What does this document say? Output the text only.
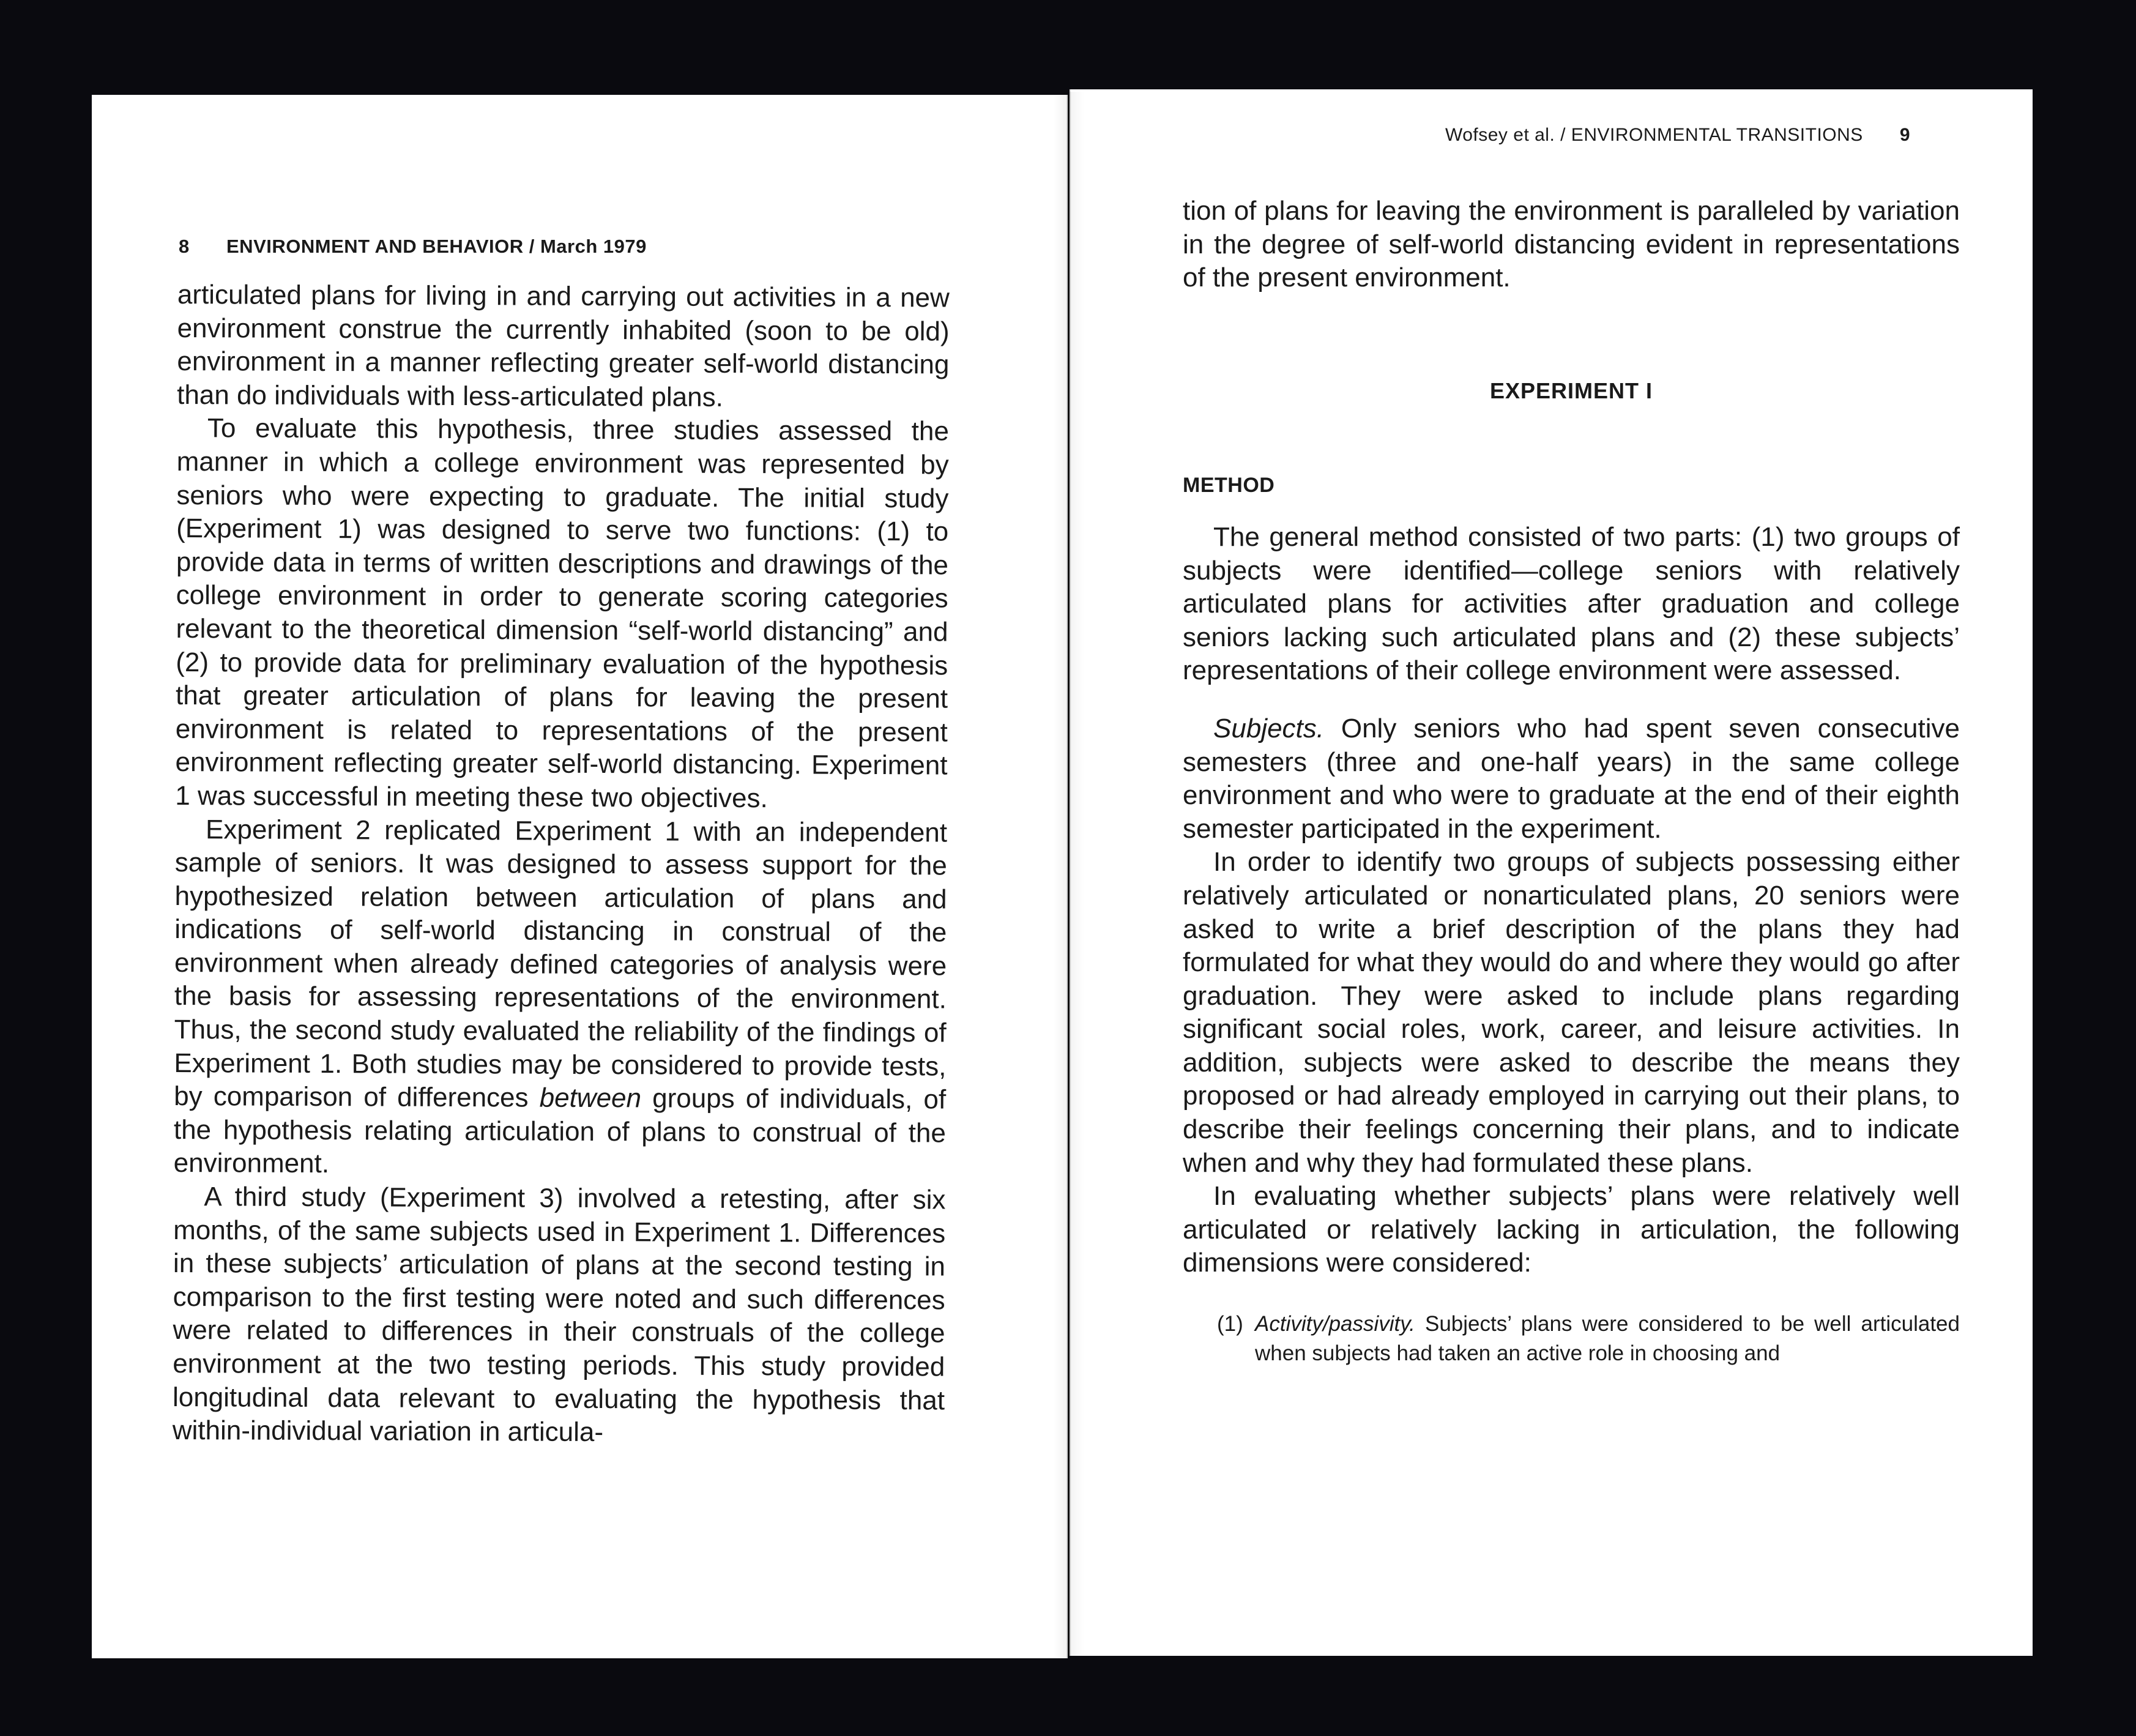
8 ENVIRONMENT AND BEHAVIOR / March 1979

articulated plans for living in and carrying out activities in a new environment construe the currently inhabited (soon to be old) environment in a manner reflecting greater self-world distancing than do individuals with less-articulated plans.

To evaluate this hypothesis, three studies assessed the manner in which a college environment was represented by seniors who were expecting to graduate. The initial study (Experiment 1) was designed to serve two functions: (1) to provide data in terms of written descriptions and drawings of the college environment in order to generate scoring categories relevant to the theoretical dimension “self-world distancing” and (2) to provide data for preliminary evaluation of the hypothesis that greater articulation of plans for leaving the present environment is related to representations of the present environment reflecting greater self-world distancing. Experiment 1 was successful in meeting these two objectives.

Experiment 2 replicated Experiment 1 with an independent sample of seniors. It was designed to assess support for the hypothesized relation between articulation of plans and indications of self-world distancing in construal of the environment when already defined categories of analysis were the basis for assessing representations of the environment. Thus, the second study evaluated the reliability of the findings of Experiment 1. Both studies may be considered to provide tests, by comparison of differences between groups of individuals, of the hypothesis relating articulation of plans to construal of the environment.

A third study (Experiment 3) involved a retesting, after six months, of the same subjects used in Experiment 1. Differences in these subjects’ articulation of plans at the second testing in comparison to the first testing were noted and such differences were related to differences in their construals of the college environment at the two testing periods. This study provided longitudinal data relevant to evaluating the hypothesis that within-individual variation in articula-

Wofsey et al. / ENVIRONMENTAL TRANSITIONS 9

tion of plans for leaving the environment is paralleled by variation in the degree of self-world distancing evident in representations of the present environment.

EXPERIMENT I

METHOD

The general method consisted of two parts: (1) two groups of subjects were identified—college seniors with relatively articulated plans for activities after graduation and college seniors lacking such articulated plans and (2) these subjects’ representations of their college environment were assessed.

Subjects. Only seniors who had spent seven consecutive semesters (three and one-half years) in the same college environment and who were to graduate at the end of their eighth semester participated in the experiment.

In order to identify two groups of subjects possessing either relatively articulated or nonarticulated plans, 20 seniors were asked to write a brief description of the plans they had formulated for what they would do and where they would go after graduation. They were asked to include plans regarding significant social roles, work, career, and leisure activities. In addition, subjects were asked to describe the means they proposed or had already employed in carrying out their plans, to describe their feelings concerning their plans, and to indicate when and why they had formulated these plans.

In evaluating whether subjects’ plans were relatively well articulated or relatively lacking in articulation, the following dimensions were considered:

(1) Activity/passivity. Subjects’ plans were considered to be well articulated when subjects had taken an active role in choosing and
